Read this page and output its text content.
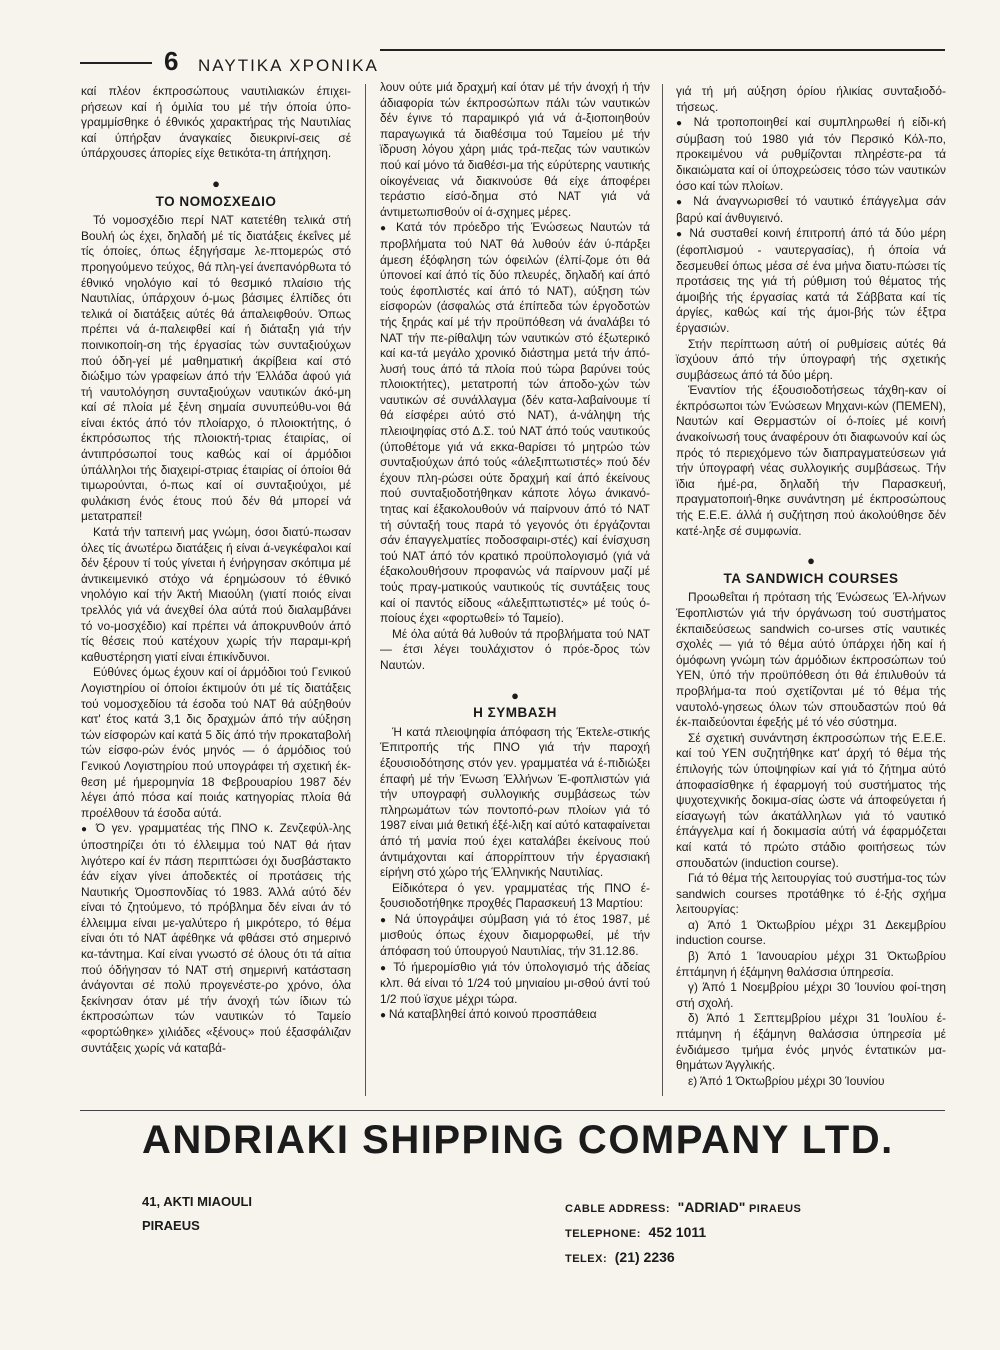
6 ΝΑΥΤΙΚΑ ΧΡΟΝΙΚΑ

καί πλέον έκπροσώπους ναυτιλιακών έπιχει-ρήσεων καί ή όμιλία του μέ τήν όποία ύπο-γραμμίσθηκε ό έθνικός χαρακτήρας τής Ναυτιλίας καί ύπήρξαν άναγκαίες διευκρινί-σεις σέ ύπάρχουσες άπορίες είχε θετικότα-τη άπήχηση.

●
ΤΟ ΝΟΜΟΣΧΕΔΙΟ

Τό νομοσχέδιο περί NAT κατετέθη τελικά στή Βουλή ώς έχει, δηλαδή μέ τίς διατάξεις έκεΐνες μέ τίς όποίες, όπως έξηγήσαμε λε-πτομερώς στό προηγούμενο τεύχος, θά πλη-γεί άνεπανόρθωτα τό έθνικό νηολόγιο καί τό θεσμικό πλαίσιο τής Ναυτιλίας, ύπάρχουν ό-μως βάσιμες έλπίδες ότι τελικά οί διατάξεις αύτές θά άπαλειφθούν. Όπως πρέπει νά ά-παλειφθεί καί ή διάταξη γιά τήν ποινικοποίη-ση τής έργασίας τών συνταξιούχων πού όδη-γεί μέ μαθηματική άκρίβεια καί στό διώξιμο τών γραφείων άπό τήν Έλλάδα άφού γιά τή ναυτολόγηση συνταξιούχων ναυτικών άκό-μη καί σέ πλοία μέ ξένη σημαία συνυπεύθυ-νοι θά είναι έκτός άπό τόν πλοίαρχο, ό πλοιοκτήτης, ό έκπρόσωπος τής πλοιοκτή-τριας έταιρίας, οί άντιπρόσωποί τους καθώς καί οί άρμόδιοι ύπάλληλοι τής διαχειρί-στριας έταιρίας οί όποίοι θά τιμωρούνται, ό-πως καί οί συνταξιούχοι, μέ φυλάκιση ένός έτους πού δέν θά μπορεί νά μετατραπεί!

Κατά τήν ταπεινή μας γνώμη, όσοι διατύ-πωσαν όλες τίς άνωτέρω διατάξεις ή είναι ά-νεγκέφαλοι καί δέν ξέρουν τί τούς γίνεται ή ένήργησαν σκόπιμα μέ άντικειμενικό στόχο νά έρημώσουν τό έθνικό νηολόγιο καί τήν Άκτή Μιαούλη (γιατί ποιός είναι τρελλός γιά νά άνεχθεί όλα αύτά πού διαλαμβάνει τό νο-μοσχέδιο) καί πρέπει νά άποκρυνθούν άπό τίς θέσεις πού κατέχουν χωρίς τήν παραμι-κρή καθυστέρηση γιατί είναι έπικίνδυνοι.

Εύθύνες όμως έχουν καί οί άρμόδιοι τού Γενικού Λογιστηρίου οί όποίοι έκτιμούν ότι μέ τίς διατάξεις τού νομοσχεδίου τά έσοδα τού NAT θά αύξηθούν κατ' έτος κατά 3,1 δις δραχμών άπό τήν αύξηση τών είσφορών καί κατά 5 δίς άπό τήν προκαταβολή τών είσφο-ρών ένός μηνός — ό άρμόδιος τού Γενικού Λογιστηρίου πού υπογράφει τή σχετική έκ-θεση μέ ήμερομηνία 18 Φεβρουαρίου 1987 δέν λέγει άπό πόσα καί ποιάς κατηγορίας πλοία θά προέλθουν τά έσοδα αύτά.

● Ό γεν. γραμματέας τής ΠΝΟ κ. Ζενζεφύλ-λης ύποστηρίζει ότι τό έλλειμμα τού NAT θά ήταν λιγότερο καί έν πάση περιπτώσει όχι δυσβάστακτο έάν είχαν γίνει άποδεκτές οί προτάσεις τής Ναυτικής Όμοσπονδίας τό 1983. Άλλά αύτό δέν είναι τό ζητούμενο, τό πρόβλημα δέν είναι άν τό έλλειμμα είναι με-γαλύτερο ή μικρότερο, τό θέμα είναι ότι τό NAT άφέθηκε νά φθάσει στό σημερινό κα-τάντημα. Καί είναι γνωστό σέ όλους ότι τά αίτια πού όδήγησαν τό NAT στή σημερινή κατάσταση άνάγονται σέ πολύ προγενέστε-ρο χρόνο, όλα ξεκίνησαν όταν μέ τήν άνοχή τών ίδιων τώ έκπροσώπων τών ναυτικών τό Ταμείο «φορτώθηκε» χιλιάδες «ξένους» πού έξασφάλιζαν συντάξεις χωρίς νά καταβά-

λουν ούτε μιά δραχμή καί όταν μέ τήν άνοχή ή τήν άδιαφορία τών έκπροσώπων πάλι τών ναυτικών δέν έγινε τό παραμικρό γιά νά ά-ξιοποιηθούν παραγωγικά τά διαθέσιμα τού Ταμείου μέ τήν ϊδρυση λόγου χάρη μιάς τρά-πεζας τών ναυτικών πού καί μόνο τά διαθέσι-μα τής εύρύτερης ναυτικής οίκογένειας νά διακινούσε θά είχε άποφέρει τεράστιο είσό-δημα στό NAT γιά νά άντιμετωπισθούν οί ά-σχημες μέρες.

● Κατά τόν πρόεδρο τής Ένώσεως Ναυτών τά προβλήματα τού NAT θά λυθούν έάν ύ-πάρξει άμεση έξόφληση τών όφειλών (έλπί-ζομε ότι θά ύπονοεί καί άπό τίς δύο πλευρές, δηλαδή καί άπό τούς έφοπλιστές καί άπό τό NAT), αύξηση τών είσφορών (άσφαλώς στά έπίπεδα τών έργοδοτών τής ξηράς καί μέ τήν προϋπόθεση νά άναλάβει τό NAT τήν πε-ρίθαλψη τών ναυτικών στό έξωτερικό καί κα-τά μεγάλο χρονικό διάστημα μετά τήν άπό-λυσή τους άπό τά πλοία πού τώρα βαρύνει τούς πλοιοκτήτες), μετατροπή τών άποδο-χών τών ναυτικών σέ συνάλλαγμα (δέν κατα-λαβαίνουμε τί θά είσφέρει αύτό στό NAT), ά-νάληψη τής πλειοψηφίας στό Δ.Σ. τού NAT άπό τούς ναυτικούς (ύποθέτομε γιά νά εκκα-θαρίσει τό μητρώο τών συνταξιούχων άπό τούς «άλεξιπτωτιστές» πού δέν έχουν πλη-ρώσει ούτε δραχμή καί άπό έκείνους πού συνταξιοδοτήθηκαν κάποτε λόγω άνικανό-τητας καί έξακολουθούν νά παίρνουν άπό τό NAT τή σύνταξή τους παρά τό γεγονός ότι έργάζονται σάν έπαγγελματίες ποδοσφαιρι-στές) καί ένίσχυση τού NAT άπό τόν κρατικό προϋπολογισμό (γιά νά έξακολουθήσουν προφανώς νά παίρνουν μαζί μέ τούς πραγ-ματικούς ναυτικούς τίς συντάξεις τους καί οί παντός είδους «άλεξιπτωτιστές» μέ τούς ό-ποίους έχει «φορτωθεί» τό Ταμείο).

Μέ όλα αύτά θά λυθούν τά προβλήματα τού NAT — έτσι λέγει τουλάχιστον ό πρόε-δρος τών Ναυτών.

●
Η ΣΥΜΒΑΣΗ

Ή κατά πλειοψηφία άπόφαση τής Έκτελε-στικής Έπιτροπής τής ΠΝΟ γιά τήν παροχή έξουσιοδότησης στόν γεν. γραμματέα νά έ-πιδιώξει έπαφή μέ τήν Ένωση Έλλήνων Έ-φοπλιστών γιά τήν υπογραφή συλλογικής συμβάσεως τών πληρωμάτων τών ποντοπό-ρων πλοίων γιά τό 1987 είναι μιά θετική έξέ-λιξη καί αύτό καταφαίνεται άπό τή μανία πού έχει καταλάβει έκείνους πού άντιμάχονται καί άπορρίπτουν τήν έργασιακή είρήνη στό χώρο τής Έλληνικής Ναυτιλίας.

Είδικότερα ό γεν. γραμματέας τής ΠΝΟ έ-ξουσιοδοτήθηκε προχθές Παρασκευή 13 Μαρτίου:

● Νά ύπογράψει σύμβαση γιά τό έτος 1987, μέ μισθούς όπως έχουν διαμορφωθεί, μέ τήν άπόφαση τού ύπουργού Ναυτιλίας, τήν 31.12.86.

● Τό ήμερομίσθιο γιά τόν ύπολογισμό τής άδείας κλπ. θά είναι τό 1/24 τού μηνιαίου μι-σθού άντί τού 1/2 πού ϊσχυε μέχρι τώρα.

● Νά καταβληθεί άπό κοινού προσπάθεια

γιά τή μή αύξηση όρίου ήλικίας συνταξιοδό-τήσεως.

● Νά τροποποιηθεί καί συμπληρωθεί ή είδι-κή σύμβαση τού 1980 γιά τόν Περσικό Κόλ-πο, προκειμένου νά ρυθμίζονται πληρέστε-ρα τά δικαιώματα καί οί ύποχρεώσεις τόσο τών ναυτικών όσο καί τών πλοίων.

● Νά άναγνωρισθεί τό ναυτικό έπάγγελμα σάν βαρύ καί άνθυγιεινό.

● Νά συσταθεί κοινή έπιτροπή άπό τά δύο μέρη (έφοπλισμού - ναυτεργασίας), ή όποία νά δεσμευθεί όπως μέσα σέ ένα μήνα διατυ-πώσει τίς προτάσεις της γιά τή ρύθμιση τού θέματος τής άμοιβής τής έργασίας κατά τά Σάββατα καί τίς άργίες, καθώς καί τής άμοι-βής τών έξτρα έργασιών.

Στήν περίπτωση αύτή οί ρυθμίσεις αύτές θά ϊσχύουν άπό τήν ύπογραφή τής σχετικής συμβάσεως άπό τά δύο μέρη.

Έναντίον τής έξουσιοδοτήσεως τάχθη-καν οί έκπρόσωποι τών Ένώσεων Μηχανι-κών (ΠΕΜΕΝ), Ναυτών καί Θερμαστών οί ό-ποίες μέ κοινή άνακοίνωσή τους άναφέρουν ότι διαφωνούν καί ώς πρός τό περιεχόμενο τών διαπραγματεύσεων γιά τήν ύπογραφή νέας συλλογικής συμβάσεως. Τήν ϊδια ήμέ-ρα, δηλαδή τήν Παρασκευή, πραγματοποιή-θηκε συνάντηση μέ έκπροσώπους τής Ε.Ε.Ε. άλλά ή συζήτηση πού άκολούθησε δέν κατέ-ληξε σέ συμφωνία.

●
ΤΑ SANDWICH COURSES

Προωθεΐται ή πρόταση τής Ένώσεως Έλ-λήνων Έφοπλιστών γιά τήν όργάνωση τού συστήματος έκπαιδεύσεως sandwich co-urses στίς ναυτικές σχολές — γιά τό θέμα αύτό ύπάρχει ήδη καί ή όμόφωνη γνώμη τών άρμόδιων έκπροσώπων τού ΥΕΝ, ύπό τήν προϋπόθεση ότι θά έπιλυθούν τά προβλήμα-τα πού σχετίζονται μέ τό θέμα τής ναυτολό-γησεως όλων τών σπουδαστών πού θά έκ-παιδεύονται έφεξής μέ τό νέο σύστημα.

Σέ σχετική συνάντηση έκπροσώπων τής Ε.Ε.Ε. καί τού ΥΕΝ συζητήθηκε κατ' άρχή τό θέμα τής έπιλογής τών ύποψηφίων καί γιά τό ζήτημα αύτό άποφασίσθηκε ή έφαρμογή τού συστήματος τής ψυχοτεχνικής δοκιμα-σίας ώστε νά άποφεύγεται ή είσαγωγή τών άκατάλληλων γιά τό ναυτικό έπάγγελμα καί ή δοκιμασία αύτή νά έφαρμόζεται καί κατά τό πρώτο στάδιο φοιτήσεως τών σπουδατών (induction course).

Γιά τό θέμα τής λειτουργίας τού συστήμα-τος τών sandwich courses προτάθηκε τό έ-ξής σχήμα λειτουργίας:

α) Άπό 1 Όκτωβρίου μέχρι 31 Δεκεμβρίου induction course.

β) Άπό 1 Ίανουαρίου μέχρι 31 Όκτωβρίου έπτάμηνη ή έξάμηνη θαλάσσια ύπηρεσία.

γ) Άπό 1 Νοεμβρίου μέχρι 30 Ίουνίου φοί-τηση στή σχολή.

δ) Άπό 1 Σεπτεμβρίου μέχρι 31 Ίουλίου έ-πτάμηνη ή έξάμηνη θαλάσσια ύπηρεσία μέ ένδιάμεσο τμήμα ένός μηνός έντατικών μα-θημάτων Άγγλικής.

ε) Άπό 1 Όκτωβρίου μέχρι 30 Ίουνίου

ANDRIAKI SHIPPING COMPANY LTD.
41, AKTI MIAOULI
PIRAEUS
CABLE ADDRESS: "ADRIAD" PIRAEUS
TELEPHONE: 452 1011
TELEX: (21) 2236
